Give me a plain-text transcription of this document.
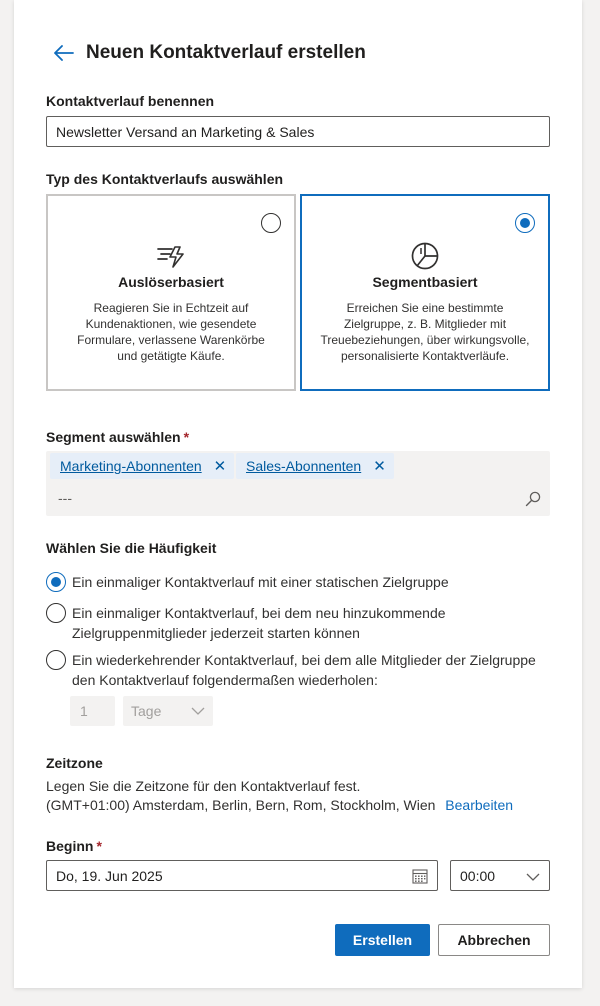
Neuen Kontaktverlauf erstellen
Kontaktverlauf benennen
Newsletter Versand an Marketing & Sales
Typ des Kontaktverlaufs auswählen
Auslöserbasiert
Reagieren Sie in Echtzeit auf Kundenaktionen, wie gesendete Formulare, verlassene Warenkörbe und getätigte Käufe.
Segmentbasiert
Erreichen Sie eine bestimmte Zielgruppe, z. B. Mitglieder mit Treuebeziehungen, über wirkungsvolle, personalisierte Kontaktverläufe.
Segment auswählen *
Marketing-Abonnenten ✕ Sales-Abonnenten ✕
---
Wählen Sie die Häufigkeit
Ein einmaliger Kontaktverlauf mit einer statischen Zielgruppe
Ein einmaliger Kontaktverlauf, bei dem neu hinzukommende
Zielgruppenmitglieder jederzeit starten können
Ein wiederkehrender Kontaktverlauf, bei dem alle Mitglieder der Zielgruppe
den Kontaktverlauf folgendermaßen wiederholen:
1	Tage
Zeitzone
Legen Sie die Zeitzone für den Kontaktverlauf fest.
(GMT+01:00) Amsterdam, Berlin, Bern, Rom, Stockholm, Wien Bearbeiten
Beginn *
Do, 19. Jun 2025	00:00
Erstellen	Abbrechen
